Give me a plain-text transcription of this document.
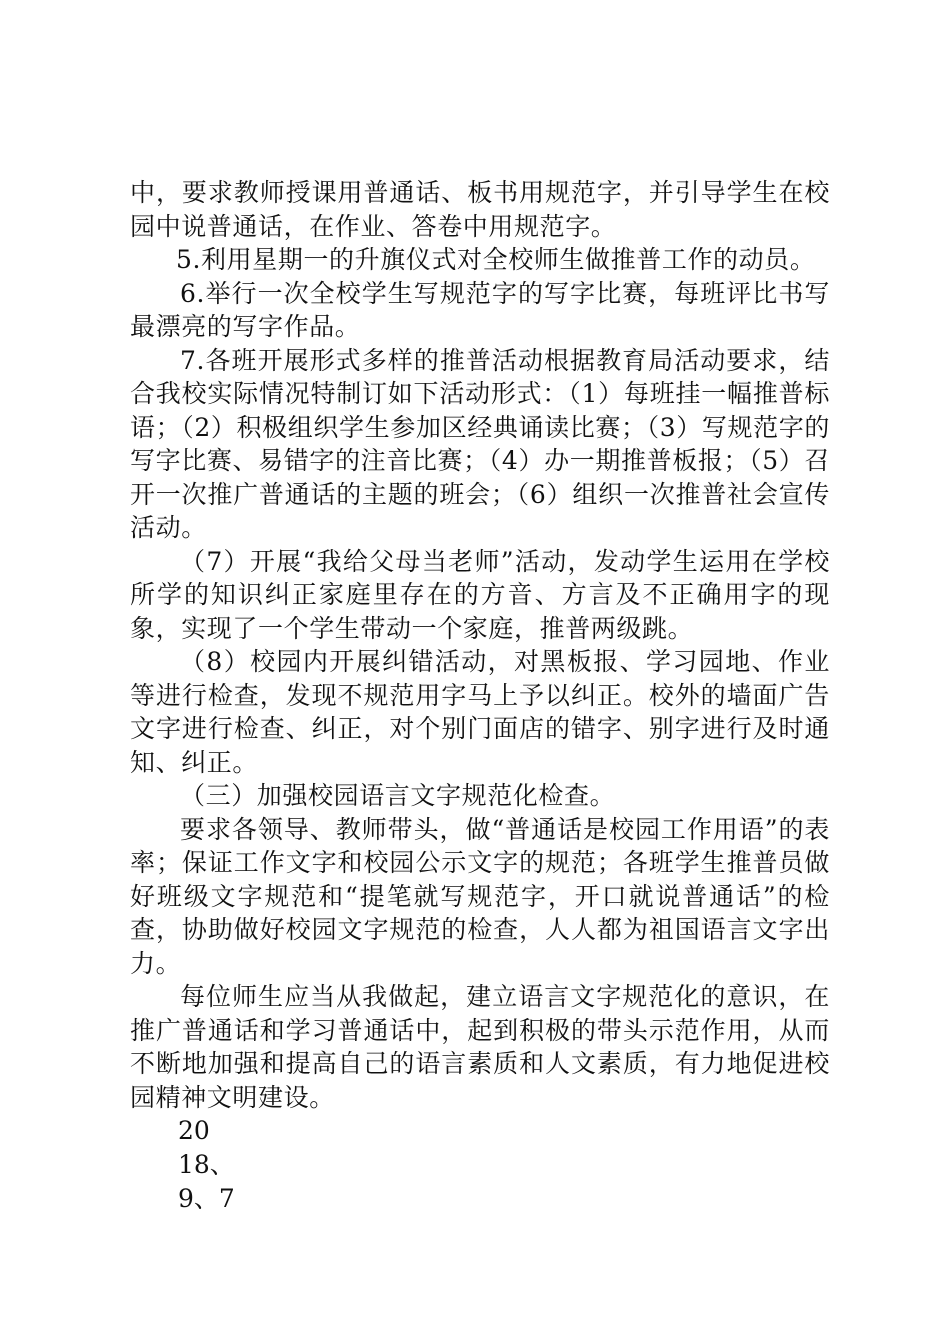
中，要求教师授课用普通话、板书用规范字，并引导学生在校园中说普通话，在作业、答卷中用规范字。

5.利用星期一的升旗仪式对全校师生做推普工作的动员。

6.举行一次全校学生写规范字的写字比赛，每班评比书写最漂亮的写字作品。

7.各班开展形式多样的推普活动根据教育局活动要求，结合我校实际情况特制订如下活动形式：（1）每班挂一幅推普标语；（2）积极组织学生参加区经典诵读比赛；（3）写规范字的写字比赛、易错字的注音比赛；（4）办一期推普板报；（5）召开一次推广普通话的主题的班会；（6）组织一次推普社会宣传活动。

（7）开展“我给父母当老师”活动，发动学生运用在学校所学的知识纠正家庭里存在的方音、方言及不正确用字的现象，实现了一个学生带动一个家庭，推普两级跳。

（8）校园内开展纠错活动，对黑板报、学习园地、作业等进行检查，发现不规范用字马上予以纠正。校外的墙面广告文字进行检查、纠正，对个别门面店的错字、别字进行及时通知、纠正。

（三）加强校园语言文字规范化检查。

要求各领导、教师带头，做“普通话是校园工作用语”的表率；保证工作文字和校园公示文字的规范；各班学生推普员做好班级文字规范和“提笔就写规范字，开口就说普通话”的检查，协助做好校园文字规范的检查，人人都为祖国语言文字出力。

每位师生应当从我做起，建立语言文字规范化的意识，在推广普通话和学习普通话中，起到积极的带头示范作用，从而不断地加强和提高自己的语言素质和人文素质，有力地促进校园精神文明建设。

20

18、

9、7
